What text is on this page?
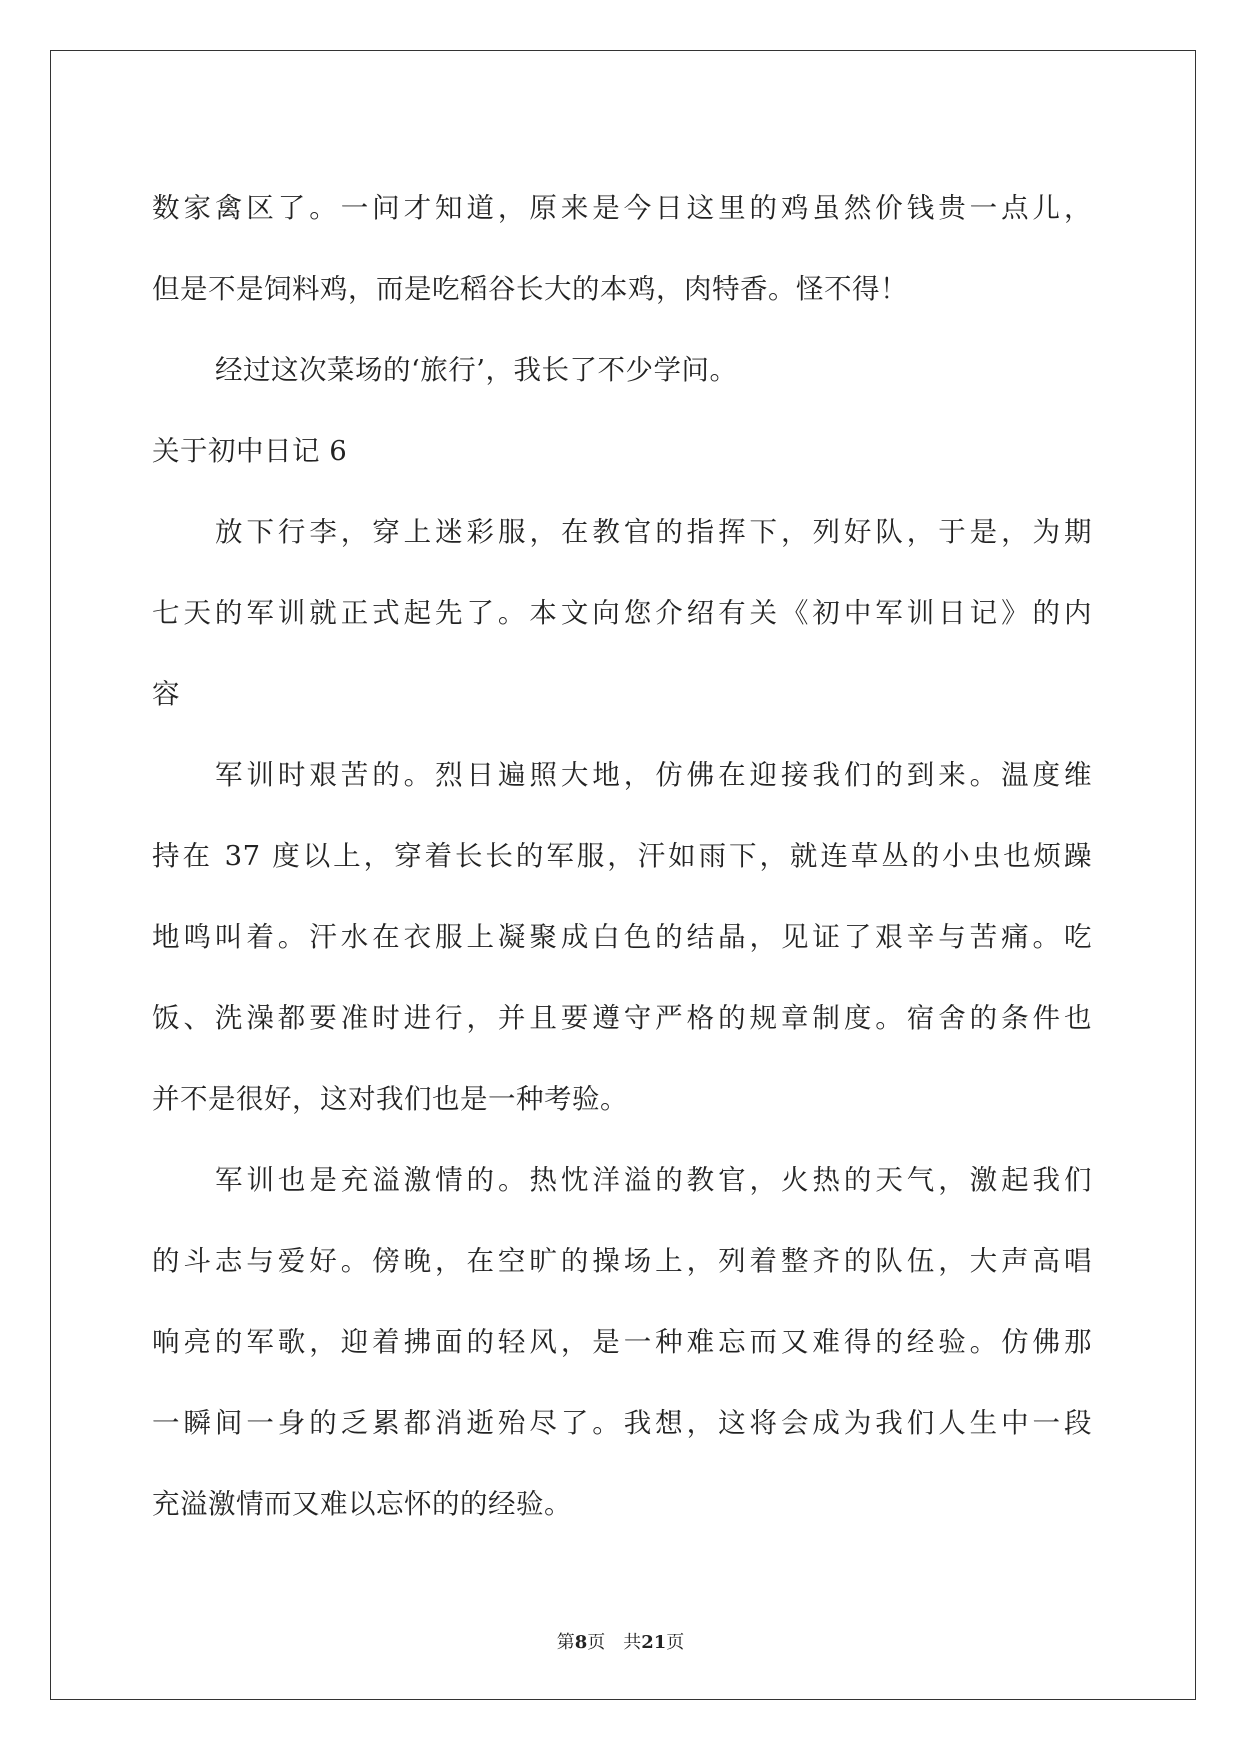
数家禽区了。一问才知道，原来是今日这里的鸡虽然价钱贵一点儿，
但是不是饲料鸡，而是吃稻谷长大的本鸡，肉特香。怪不得！
经过这次菜场的‘旅行’，我长了不少学问。
关于初中日记 6
放下行李，穿上迷彩服，在教官的指挥下，列好队，于是，为期
七天的军训就正式起先了。本文向您介绍有关《初中军训日记》的内
容
军训时艰苦的。烈日遍照大地，仿佛在迎接我们的到来。温度维
持在 37 度以上，穿着长长的军服，汗如雨下，就连草丛的小虫也烦躁
地鸣叫着。汗水在衣服上凝聚成白色的结晶，见证了艰辛与苦痛。吃
饭、洗澡都要准时进行，并且要遵守严格的规章制度。宿舍的条件也
并不是很好，这对我们也是一种考验。
军训也是充溢激情的。热忱洋溢的教官，火热的天气，激起我们
的斗志与爱好。傍晚，在空旷的操场上，列着整齐的队伍，大声高唱
响亮的军歌，迎着拂面的轻风，是一种难忘而又难得的经验。仿佛那
一瞬间一身的乏累都消逝殆尽了。我想，这将会成为我们人生中一段
充溢激情而又难以忘怀的的经验。
第8页 共21页
